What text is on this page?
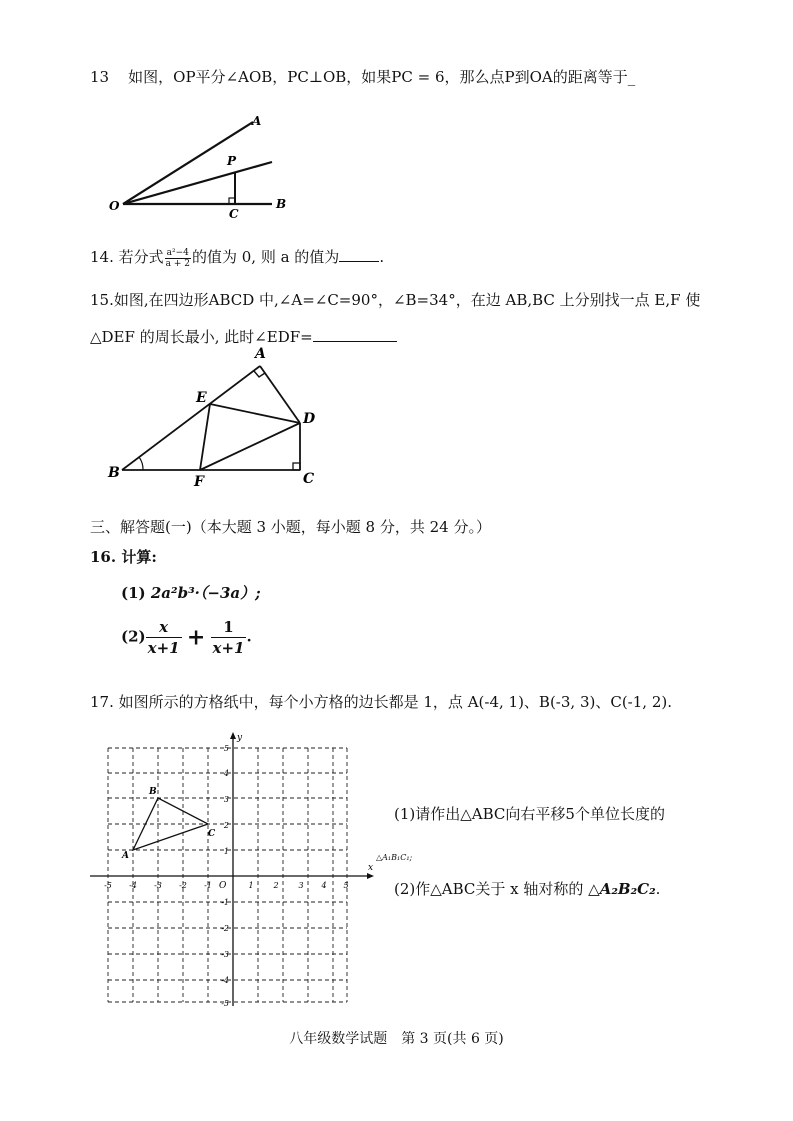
13 如图，OP平分∠AOB，PC⊥OB，如果PC = 6，那么点P到OA的距离等于_
A
P
O
C
B
14. 若分式 $\frac{\text{a²−4}}{a + 2}$ 的值为 0, 则 a 的值为	.
15.如图,在四边形ABCD 中,∠A=∠C=90°，∠B=34°，在边 AB,BC 上分别找一点 E,F 使
△DEF 的周长最小, 此时∠EDF=
A
E
D
B
F	C
三、解答题(一)（本大题 3 小题，每小题 8 分，共 24 分。）
16. 计算:
(1) 2a²b³·（−3a）;
$(2) \frac{x}{x+1} + \frac{1}{x+1}$ .
17. 如图所示的方格纸中，每个小方格的边长都是 1，点 A(-4, 1)、B(-3, 3)、C(-1, 2).
x
y
O
-5 -4 -3 -2 -1	1 2 3 4 5
5
4
3
2
1
-1
-2
-3
-4
-5
A
B
C
(1)请作出△ABC向右平移5个单位长度的
△A₁B₁C₁;
(2)作△ABC关于 x 轴对称的 △A₂B₂C₂.
八年级数学试题　第 3 页(共 6 页)
